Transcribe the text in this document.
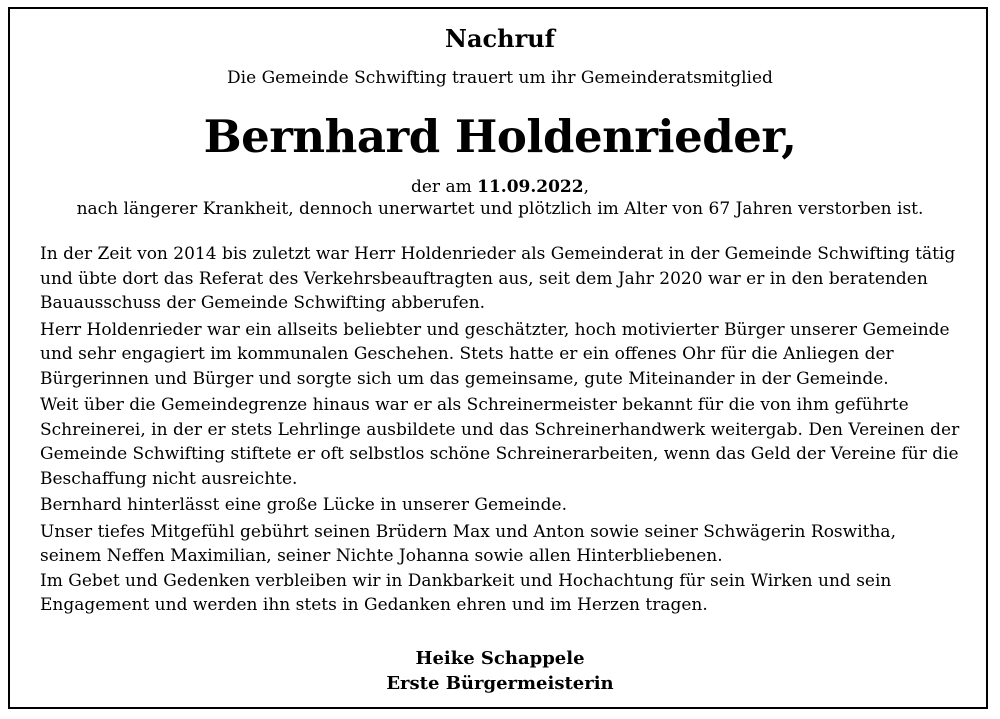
Nachruf
Die Gemeinde Schwifting trauert um ihr Gemeinderatsmitglied
Bernhard Holdenrieder,
der am 11.09.2022,
nach längerer Krankheit, dennoch unerwartet und plötzlich im Alter von 67 Jahren verstorben ist.

In der Zeit von 2014 bis zuletzt war Herr Holdenrieder als Gemeinderat in der Gemeinde Schwifting tätig und übte dort das Referat des Verkehrsbeauftragten aus, seit dem Jahr 2020 war er in den beratenden Bauausschuss der Gemeinde Schwifting abberufen.

Herr Holdenrieder war ein allseits beliebter und geschätzter, hoch motivierter Bürger unserer Gemeinde und sehr engagiert im kommunalen Geschehen. Stets hatte er ein offenes Ohr für die Anliegen der Bürgerinnen und Bürger und sorgte sich um das gemeinsame, gute Miteinander in der Gemeinde.

Weit über die Gemeindegrenze hinaus war er als Schreinermeister bekannt für die von ihm geführte Schreinerei, in der er stets Lehrlinge ausbildete und das Schreinerhandwerk weitergab. Den Vereinen der Gemeinde Schwifting stiftete er oft selbstlos schöne Schreinerarbeiten, wenn das Geld der Vereine für die Beschaffung nicht ausreichte.

Bernhard hinterlässt eine große Lücke in unserer Gemeinde.

Unser tiefes Mitgefühl gebührt seinen Brüdern Max und Anton sowie seiner Schwägerin Roswitha, seinem Neffen Maximilian, seiner Nichte Johanna sowie allen Hinterbliebenen.

Im Gebet und Gedenken verbleiben wir in Dankbarkeit und Hochachtung für sein Wirken und sein Engagement und werden ihn stets in Gedanken ehren und im Herzen tragen.

Heike Schappele
Erste Bürgermeisterin
